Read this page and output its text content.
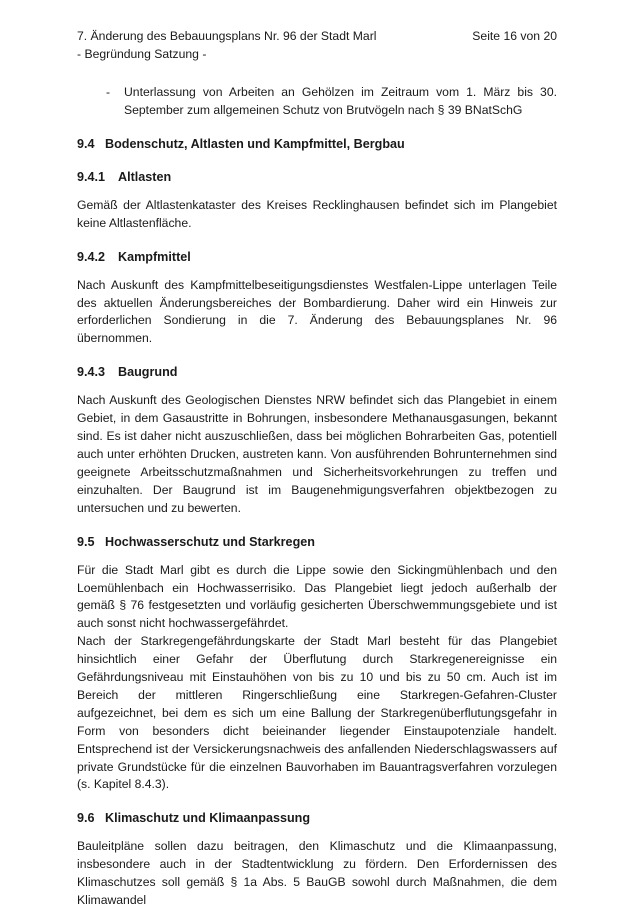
7. Änderung des Bebauungsplans Nr. 96 der Stadt Marl	Seite 16 von 20
- Begründung Satzung -
-	Unterlassung von Arbeiten an Gehölzen im Zeitraum vom 1. März bis 30. September zum allgemeinen Schutz von Brutvögeln nach § 39 BNatSchG

9.4 Bodenschutz, Altlasten und Kampfmittel, Bergbau
9.4.1	Altlasten

Gemäß der Altlastenkataster des Kreises Recklinghausen befindet sich im Plangebiet keine Altlastenfläche.

9.4.2	Kampfmittel

Nach Auskunft des Kampfmittelbeseitigungsdienstes Westfalen-Lippe unterlagen Teile des aktuellen Änderungsbereiches der Bombardierung. Daher wird ein Hinweis zur erforderlichen Sondierung in die 7. Änderung des Bebauungsplanes Nr. 96 übernommen.

9.4.3	Baugrund

Nach Auskunft des Geologischen Dienstes NRW befindet sich das Plangebiet in einem Gebiet, in dem Gasaustritte in Bohrungen, insbesondere Methanausgasungen, bekannt sind. Es ist daher nicht auszuschließen, dass bei möglichen Bohrarbeiten Gas, potentiell auch unter erhöhten Drucken, austreten kann. Von ausführenden Bohrunternehmen sind geeignete Arbeitsschutzmaßnahmen und Sicherheitsvorkehrungen zu treffen und einzuhalten. Der Baugrund ist im Baugenehmigungsverfahren objektbezogen zu untersuchen und zu bewerten.

9.5 Hochwasserschutz und Starkregen

Für die Stadt Marl gibt es durch die Lippe sowie den Sickingmühlenbach und den Loemühlenbach ein Hochwasserrisiko. Das Plangebiet liegt jedoch außerhalb der gemäß § 76 festgesetzten und vorläufig gesicherten Überschwemmungsgebiete und ist auch sonst nicht hochwassergefährdet.

Nach der Starkregengefährdungskarte der Stadt Marl besteht für das Plangebiet hinsichtlich einer Gefahr der Überflutung durch Starkregenereignisse ein Gefährdungsniveau mit Einstauhöhen von bis zu 10 und bis zu 50 cm. Auch ist im Bereich der mittleren Ringerschließung eine Starkregen-Gefahren-Cluster aufgezeichnet, bei dem es sich um eine Ballung der Starkregenüberflutungsgefahr in Form von besonders dicht beieinander liegender Einstaupotenziale handelt. Entsprechend ist der Versickerungsnachweis des anfallenden Niederschlagswassers auf private Grundstücke für die einzelnen Bauvorhaben im Bauantragsverfahren vorzulegen (s. Kapitel 8.4.3).

9.6 Klimaschutz und Klimaanpassung

Bauleitpläne sollen dazu beitragen, den Klimaschutz und die Klimaanpassung, insbesondere auch in der Stadtentwicklung zu fördern. Den Erfordernissen des Klimaschutzes soll gemäß § 1a Abs. 5 BauGB sowohl durch Maßnahmen, die dem Klimawandel
